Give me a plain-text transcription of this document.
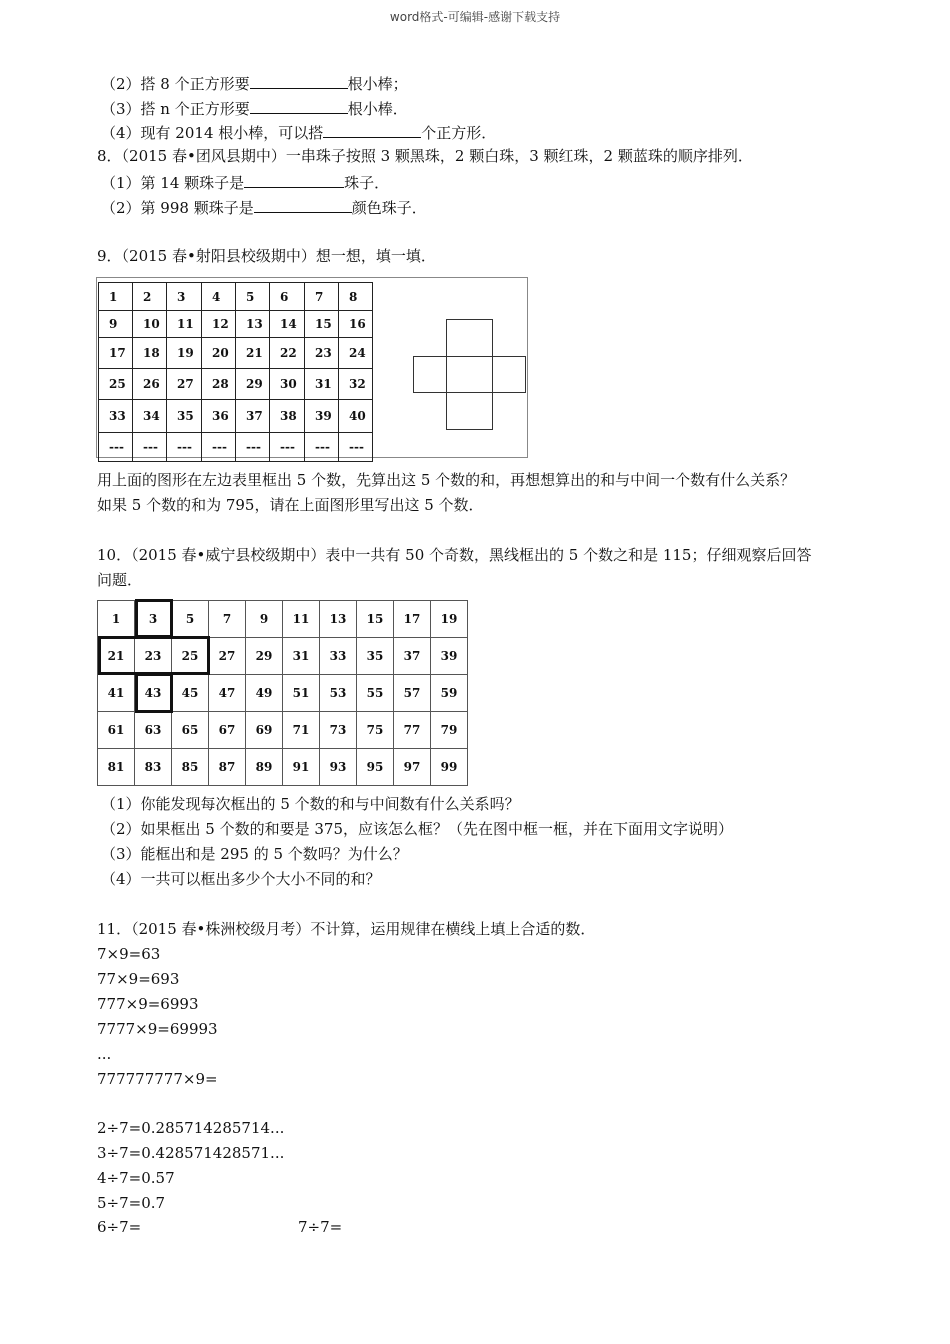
word格式-可编辑-感谢下载支持
（2）搭 8 个正方形要	根小棒；
（3）搭 n 个正方形要	根小棒．
（4）现有 2014 根小棒，可以搭	个正方形．
8．（2015 春•团风县期中）一串珠子按照 3 颗黑珠，2 颗白珠，3 颗红珠，2 颗蓝珠的顺序排列．
（1）第 14 颗珠子是	珠子．
（2）第 998 颗珠子是	颜色珠子．
9．（2015 春•射阳县校级期中）想一想，填一填．
1	2	3	4	5	6	7	8
9	10	11	12	13	14	15	16
17	18	19	20	21	22	23	24
25	26	27	28	29	30	31	32
33	34	35	36	37	38	39	40
---	---	---	---	---	---	---	---
用上面的图形在左边表里框出 5 个数，先算出这 5 个数的和，再想想算出的和与中间一个数有什么关系？
如果 5 个数的和为 795，请在上面图形里写出这 5 个数．
10．（2015 春•威宁县校级期中）表中一共有 50 个奇数，黑线框出的 5 个数之和是 115；仔细观察后回答
问题．
1	3	5	7	9	11	13	15	17	19
21	23	25	27	29	31	33	35	37	39
41	43	45	47	49	51	53	55	57	59
61	63	65	67	69	71	73	75	77	79
81	83	85	87	89	91	93	95	97	99
（1）你能发现每次框出的 5 个数的和与中间数有什么关系吗？
（2）如果框出 5 个数的和要是 375，应该怎么框？（先在图中框一框，并在下面用文字说明）
（3）能框出和是 295 的 5 个数吗？为什么？
（4）一共可以框出多少个大小不同的和？
11．（2015 春•株洲校级月考）不计算，运用规律在横线上填上合适的数．
7×9=63
77×9=693
777×9=6993
7777×9=69993
...
777777777×9=
2÷7=0.285714285714...
3÷7=0.428571428571...
4÷7=0.57
5÷7=0.7
6÷7=	7÷7=
